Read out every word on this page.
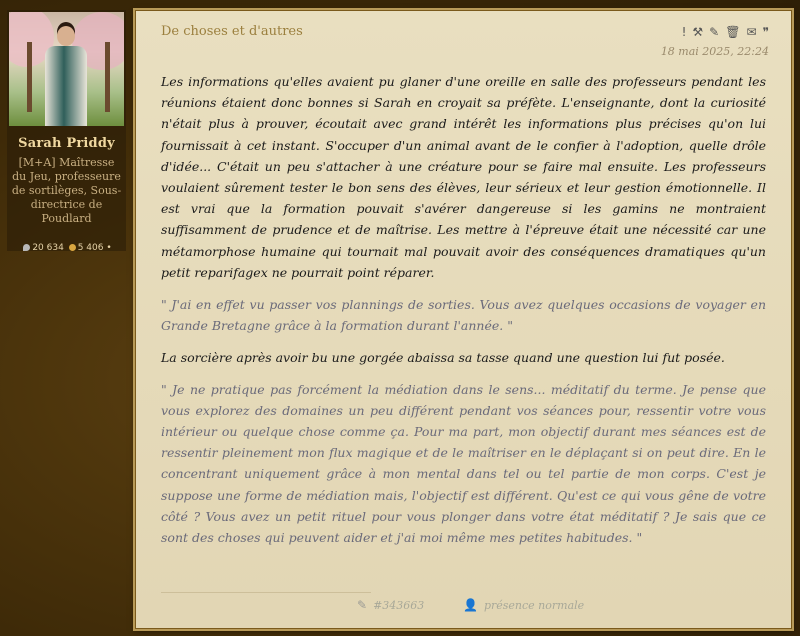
Sarah Priddy
[M+A] Maîtresse du Jeu, professeure de sortilèges, Sous-directrice de Poudlard
20 634 5 406 •
De choses et d'autres	! ⚒ ✎ 🗑 ✉ ❞
18 mai 2025, 22:24

Les informations qu'elles avaient pu glaner d'une oreille en salle des professeurs pendant les réunions étaient donc bonnes si Sarah en croyait sa préfète. L'enseignante, dont la curiosité n'était plus à prouver, écoutait avec grand intérêt les informations plus précises qu'on lui fournissait à cet instant. S'occuper d'un animal avant de le confier à l'adoption, quelle drôle d'idée... C'était un peu s'attacher à une créature pour se faire mal ensuite. Les professeurs voulaient sûrement tester le bon sens des élèves, leur sérieux et leur gestion émotionnelle. Il est vrai que la formation pouvait s'avérer dangereuse si les gamins ne montraient suffisamment de prudence et de maîtrise. Les mettre à l'épreuve était une nécessité car une métamorphose humaine qui tournait mal pouvait avoir des conséquences dramatiques qu'un petit reparifagex ne pourrait point réparer.

" J'ai en effet vu passer vos plannings de sorties. Vous avez quelques occasions de voyager en Grande Bretagne grâce à la formation durant l'année. "

La sorcière après avoir bu une gorgée abaissa sa tasse quand une question lui fut posée.

" Je ne pratique pas forcément la médiation dans le sens... méditatif du terme. Je pense que vous explorez des domaines un peu différent pendant vos séances pour, ressentir votre vous intérieur ou quelque chose comme ça. Pour ma part, mon objectif durant mes séances est de ressentir pleinement mon flux magique et de le maîtriser en le déplaçant si on peut dire. En le concentrant uniquement grâce à mon mental dans tel ou tel partie de mon corps. C'est je suppose une forme de médiation mais, l'objectif est différent. Qu'est ce qui vous gêne de votre côté ? Vous avez un petit rituel pour vous plonger dans votre état méditatif ? Je sais que ce sont des choses qui peuvent aider et j'ai moi même mes petites habitudes. "

✎ #343663	👤 présence normale
